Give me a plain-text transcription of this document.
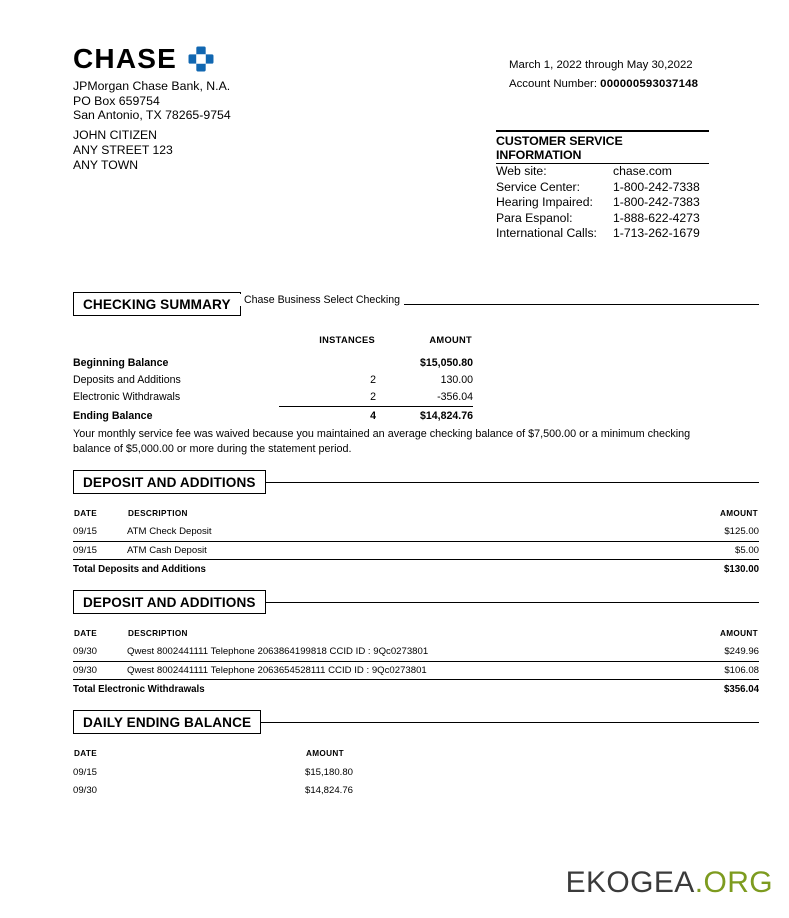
CHASE
JPMorgan Chase Bank, N.A.
PO Box 659754
San Antonio, TX 78265-9754
March 1, 2022 through May 30,2022
Account Number: 000000593037148
JOHN CITIZEN
ANY STREET 123
ANY TOWN
CUSTOMER SERVICE INFORMATION
Web site:	chase.com
Service Center:	1-800-242-7338
Hearing Impaired:	1-800-242-7383
Para Espanol:	1-888-622-4273
International Calls:	1-713-262-1679
CHECKING SUMMARY	Chase Business Select Checking
	INSTANCES	AMOUNT
Beginning Balance		$15,050.80
Deposits and Additions	2	130.00
Electronic Withdrawals	2	-356.04
Ending Balance	4	$14,824.76
Your monthly service fee was waived because you maintained an average checking balance of $7,500.00 or a minimum checking balance of $5,000.00 or more during the statement period.
DEPOSIT AND ADDITIONS
DATE	DESCRIPTION	AMOUNT
09/15	ATM Check Deposit	$125.00
09/15	ATM Cash Deposit	$5.00
Total Deposits and Additions		$130.00
DEPOSIT AND ADDITIONS
DATE	DESCRIPTION	AMOUNT
09/30	Qwest 8002441111 Telephone 2063864199818 CCID ID : 9Qc0273801	$249.96
09/30	Qwest 8002441111 Telephone 2063654528111 CCID ID : 9Qc0273801	$106.08
Total Electronic Withdrawals		$356.04
DAILY ENDING BALANCE
DATE	AMOUNT
09/15	$15,180.80
09/30	$14,824.76
EKOGEA.ORG
